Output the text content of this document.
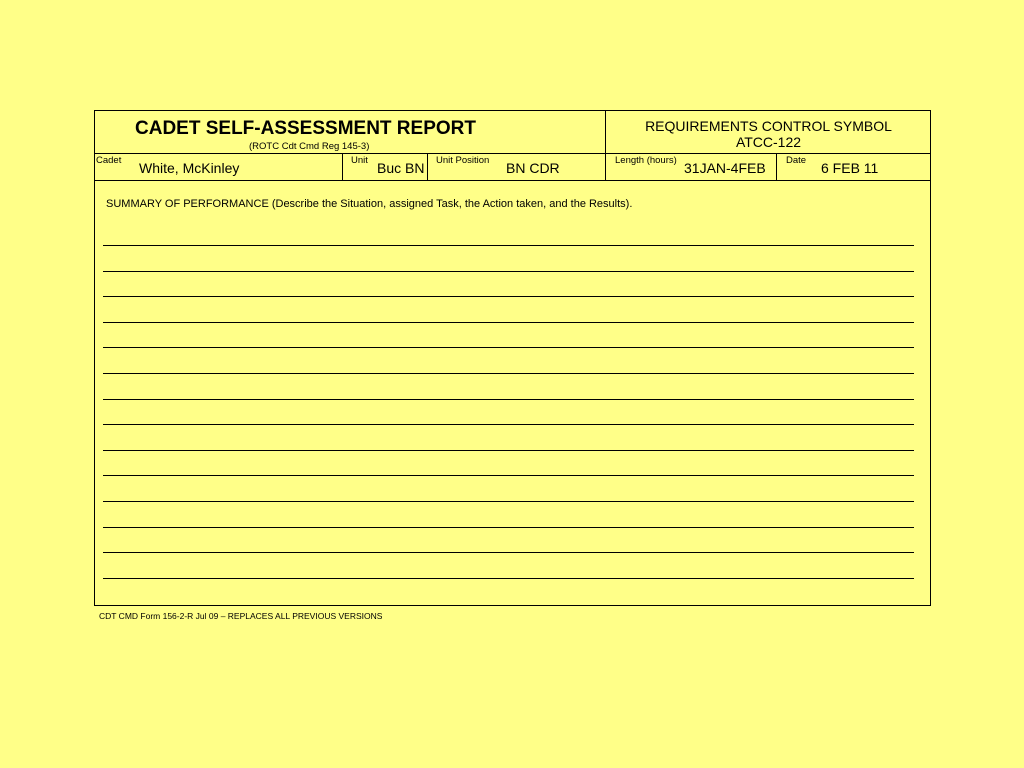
CADET SELF-ASSESSMENT REPORT
(ROTC Cdt Cmd Reg 145-3)
REQUIREMENTS CONTROL SYMBOL
ATCC-122
Cadet White, McKinley	Unit Buc BN Unit Position BN CDR	Length (hours) 31JAN-4FEB Date 6 FEB 11
SUMMARY OF PERFORMANCE (Describe the Situation, assigned Task, the Action taken, and the Results).
CDT CMD Form 156-2-R Jul 09 – REPLACES ALL PREVIOUS VERSIONS
